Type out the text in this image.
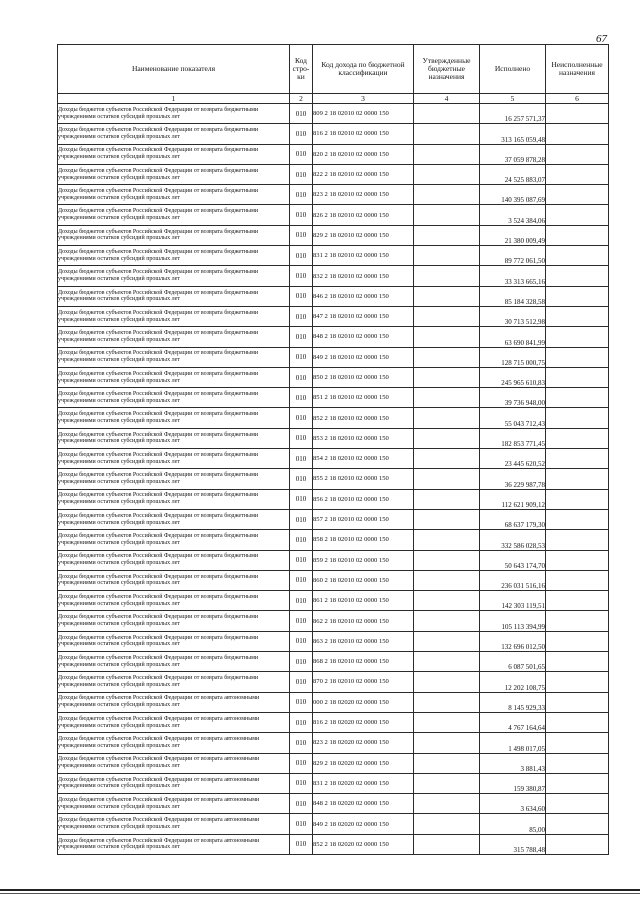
67
Наименование показателя	Код стро-ки	Код дохода по бюджетной классификации	Утвержденные бюджетные назначения	Исполнено	Неисполненные назначения
1	2	3	4	5	6
Доходы бюджетов субъектов Российской Федерации от возврата бюджетными учреждениями остатков субсидий прошлых лет	010	809 2 18 02010 02 0000 150		16 257 571,37	
Доходы бюджетов субъектов Российской Федерации от возврата бюджетными учреждениями остатков субсидий прошлых лет	010	816 2 18 02010 02 0000 150		313 165 059,48	
Доходы бюджетов субъектов Российской Федерации от возврата бюджетными учреждениями остатков субсидий прошлых лет	010	820 2 18 02010 02 0000 150		37 059 878,28	
Доходы бюджетов субъектов Российской Федерации от возврата бюджетными учреждениями остатков субсидий прошлых лет	010	822 2 18 02010 02 0000 150		24 525 883,07	
Доходы бюджетов субъектов Российской Федерации от возврата бюджетными учреждениями остатков субсидий прошлых лет	010	823 2 18 02010 02 0000 150		140 395 087,69	
Доходы бюджетов субъектов Российской Федерации от возврата бюджетными учреждениями остатков субсидий прошлых лет	010	826 2 18 02010 02 0000 150		3 524 384,06	
Доходы бюджетов субъектов Российской Федерации от возврата бюджетными учреждениями остатков субсидий прошлых лет	010	829 2 18 02010 02 0000 150		21 380 009,49	
Доходы бюджетов субъектов Российской Федерации от возврата бюджетными учреждениями остатков субсидий прошлых лет	010	831 2 18 02010 02 0000 150		89 772 061,50	
Доходы бюджетов субъектов Российской Федерации от возврата бюджетными учреждениями остатков субсидий прошлых лет	010	832 2 18 02010 02 0000 150		33 313 665,16	
Доходы бюджетов субъектов Российской Федерации от возврата бюджетными учреждениями остатков субсидий прошлых лет	010	846 2 18 02010 02 0000 150		85 184 328,58	
Доходы бюджетов субъектов Российской Федерации от возврата бюджетными учреждениями остатков субсидий прошлых лет	010	847 2 18 02010 02 0000 150		30 713 512,98	
Доходы бюджетов субъектов Российской Федерации от возврата бюджетными учреждениями остатков субсидий прошлых лет	010	848 2 18 02010 02 0000 150		63 690 841,99	
Доходы бюджетов субъектов Российской Федерации от возврата бюджетными учреждениями остатков субсидий прошлых лет	010	849 2 18 02010 02 0000 150		128 715 000,75	
Доходы бюджетов субъектов Российской Федерации от возврата бюджетными учреждениями остатков субсидий прошлых лет	010	850 2 18 02010 02 0000 150		245 965 610,83	
Доходы бюджетов субъектов Российской Федерации от возврата бюджетными учреждениями остатков субсидий прошлых лет	010	851 2 18 02010 02 0000 150		39 736 948,00	
Доходы бюджетов субъектов Российской Федерации от возврата бюджетными учреждениями остатков субсидий прошлых лет	010	852 2 18 02010 02 0000 150		55 043 712,43	
Доходы бюджетов субъектов Российской Федерации от возврата бюджетными учреждениями остатков субсидий прошлых лет	010	853 2 18 02010 02 0000 150		182 853 771,45	
Доходы бюджетов субъектов Российской Федерации от возврата бюджетными учреждениями остатков субсидий прошлых лет	010	854 2 18 02010 02 0000 150		23 445 620,52	
Доходы бюджетов субъектов Российской Федерации от возврата бюджетными учреждениями остатков субсидий прошлых лет	010	855 2 18 02010 02 0000 150		36 229 987,78	
Доходы бюджетов субъектов Российской Федерации от возврата бюджетными учреждениями остатков субсидий прошлых лет	010	856 2 18 02010 02 0000 150		112 621 909,12	
Доходы бюджетов субъектов Российской Федерации от возврата бюджетными учреждениями остатков субсидий прошлых лет	010	857 2 18 02010 02 0000 150		68 637 179,30	
Доходы бюджетов субъектов Российской Федерации от возврата бюджетными учреждениями остатков субсидий прошлых лет	010	858 2 18 02010 02 0000 150		332 586 028,53	
Доходы бюджетов субъектов Российской Федерации от возврата бюджетными учреждениями остатков субсидий прошлых лет	010	859 2 18 02010 02 0000 150		50 643 174,70	
Доходы бюджетов субъектов Российской Федерации от возврата бюджетными учреждениями остатков субсидий прошлых лет	010	860 2 18 02010 02 0000 150		236 031 516,16	
Доходы бюджетов субъектов Российской Федерации от возврата бюджетными учреждениями остатков субсидий прошлых лет	010	861 2 18 02010 02 0000 150		142 303 119,51	
Доходы бюджетов субъектов Российской Федерации от возврата бюджетными учреждениями остатков субсидий прошлых лет	010	862 2 18 02010 02 0000 150		105 113 394,99	
Доходы бюджетов субъектов Российской Федерации от возврата бюджетными учреждениями остатков субсидий прошлых лет	010	863 2 18 02010 02 0000 150		132 696 012,50	
Доходы бюджетов субъектов Российской Федерации от возврата бюджетными учреждениями остатков субсидий прошлых лет	010	868 2 18 02010 02 0000 150		6 087 501,65	
Доходы бюджетов субъектов Российской Федерации от возврата бюджетными учреждениями остатков субсидий прошлых лет	010	870 2 18 02010 02 0000 150		12 202 108,75	
Доходы бюджетов субъектов Российской Федерации от возврата автономными учреждениями остатков субсидий прошлых лет	010	000 2 18 02020 02 0000 150		8 145 929,33	
Доходы бюджетов субъектов Российской Федерации от возврата автономными учреждениями остатков субсидий прошлых лет	010	816 2 18 02020 02 0000 150		4 767 164,64	
Доходы бюджетов субъектов Российской Федерации от возврата автономными учреждениями остатков субсидий прошлых лет	010	823 2 18 02020 02 0000 150		1 498 017,05	
Доходы бюджетов субъектов Российской Федерации от возврата автономными учреждениями остатков субсидий прошлых лет	010	829 2 18 02020 02 0000 150		3 881,43	
Доходы бюджетов субъектов Российской Федерации от возврата автономными учреждениями остатков субсидий прошлых лет	010	831 2 18 02020 02 0000 150		159 380,87	
Доходы бюджетов субъектов Российской Федерации от возврата автономными учреждениями остатков субсидий прошлых лет	010	848 2 18 02020 02 0000 150		3 634,60	
Доходы бюджетов субъектов Российской Федерации от возврата автономными учреждениями остатков субсидий прошлых лет	010	849 2 18 02020 02 0000 150		85,00	
Доходы бюджетов субъектов Российской Федерации от возврата автономными учреждениями остатков субсидий прошлых лет	010	852 2 18 02020 02 0000 150		315 788,48	
